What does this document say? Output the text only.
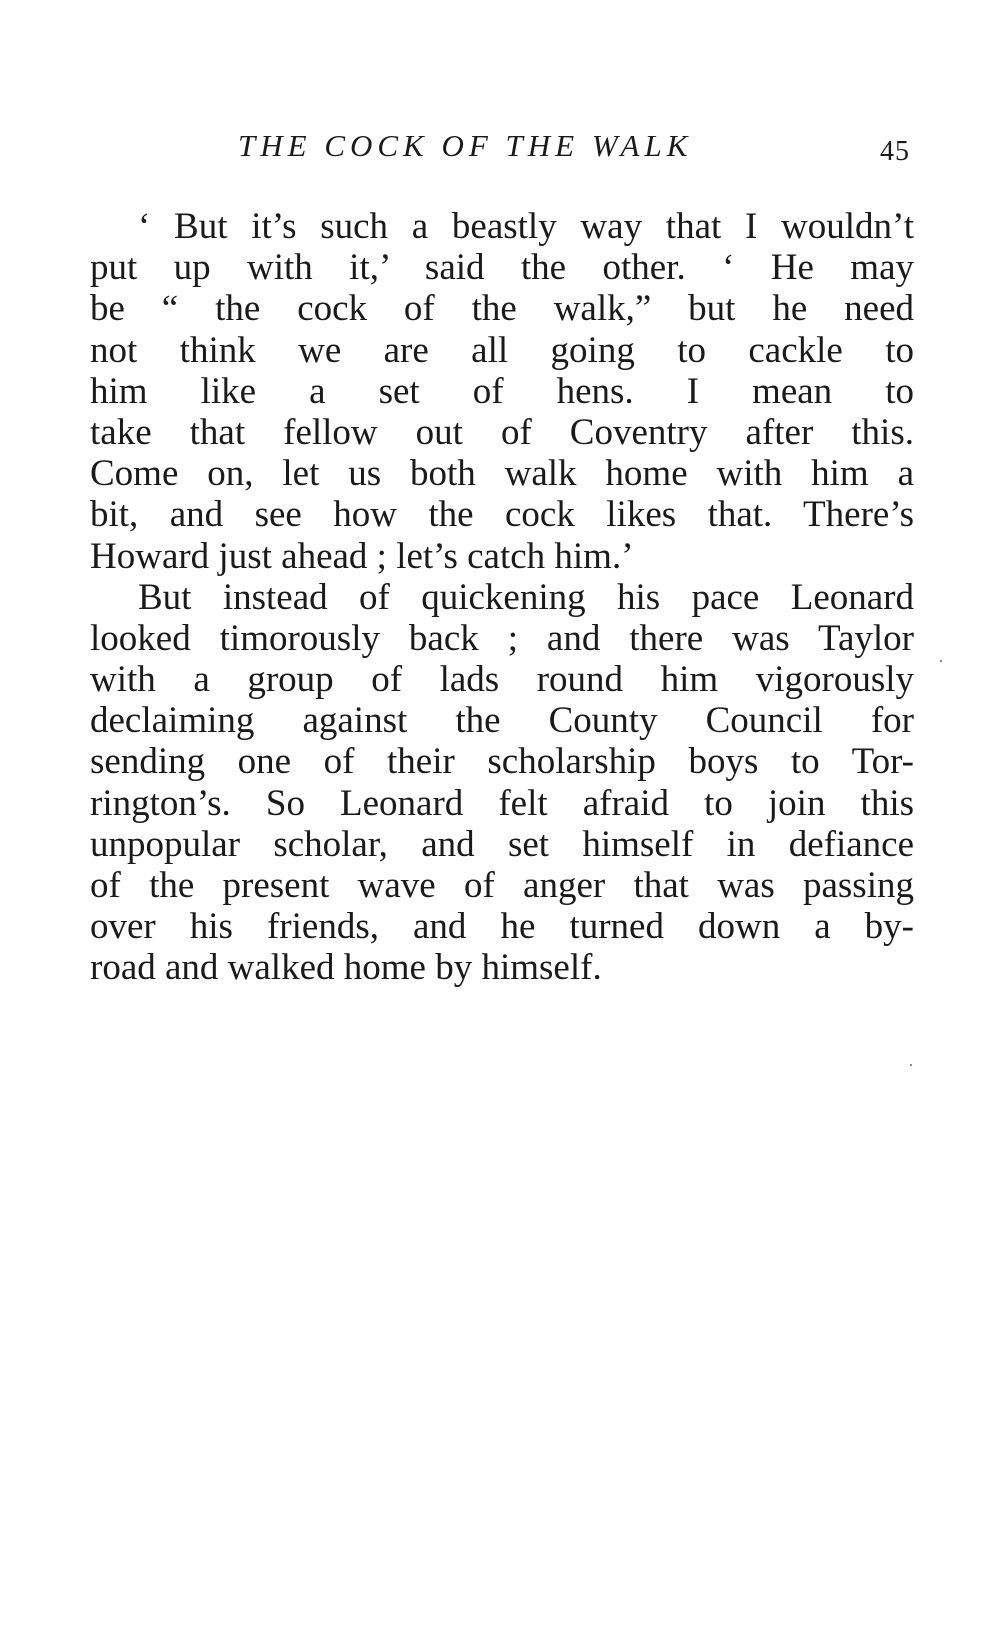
THE COCK OF THE WALK	45
‘ But it’s such a beastly way that I wouldn’t
put up with it,’ said the other. ‘ He may
be “ the cock of the walk,” but he need
not think we are all going to cackle to
him like a set of hens. I mean to
take that fellow out of Coventry after this.
Come on, let us both walk home with him a
bit, and see how the cock likes that. There’s
Howard just ahead ; let’s catch him.’
But instead of quickening his pace Leonard
looked timorously back ; and there was Taylor
with a group of lads round him vigorously
declaiming against the County Council for
sending one of their scholarship boys to Tor-
rington’s. So Leonard felt afraid to join this
unpopular scholar, and set himself in defiance
of the present wave of anger that was passing
over his friends, and he turned down a by-
road and walked home by himself.
